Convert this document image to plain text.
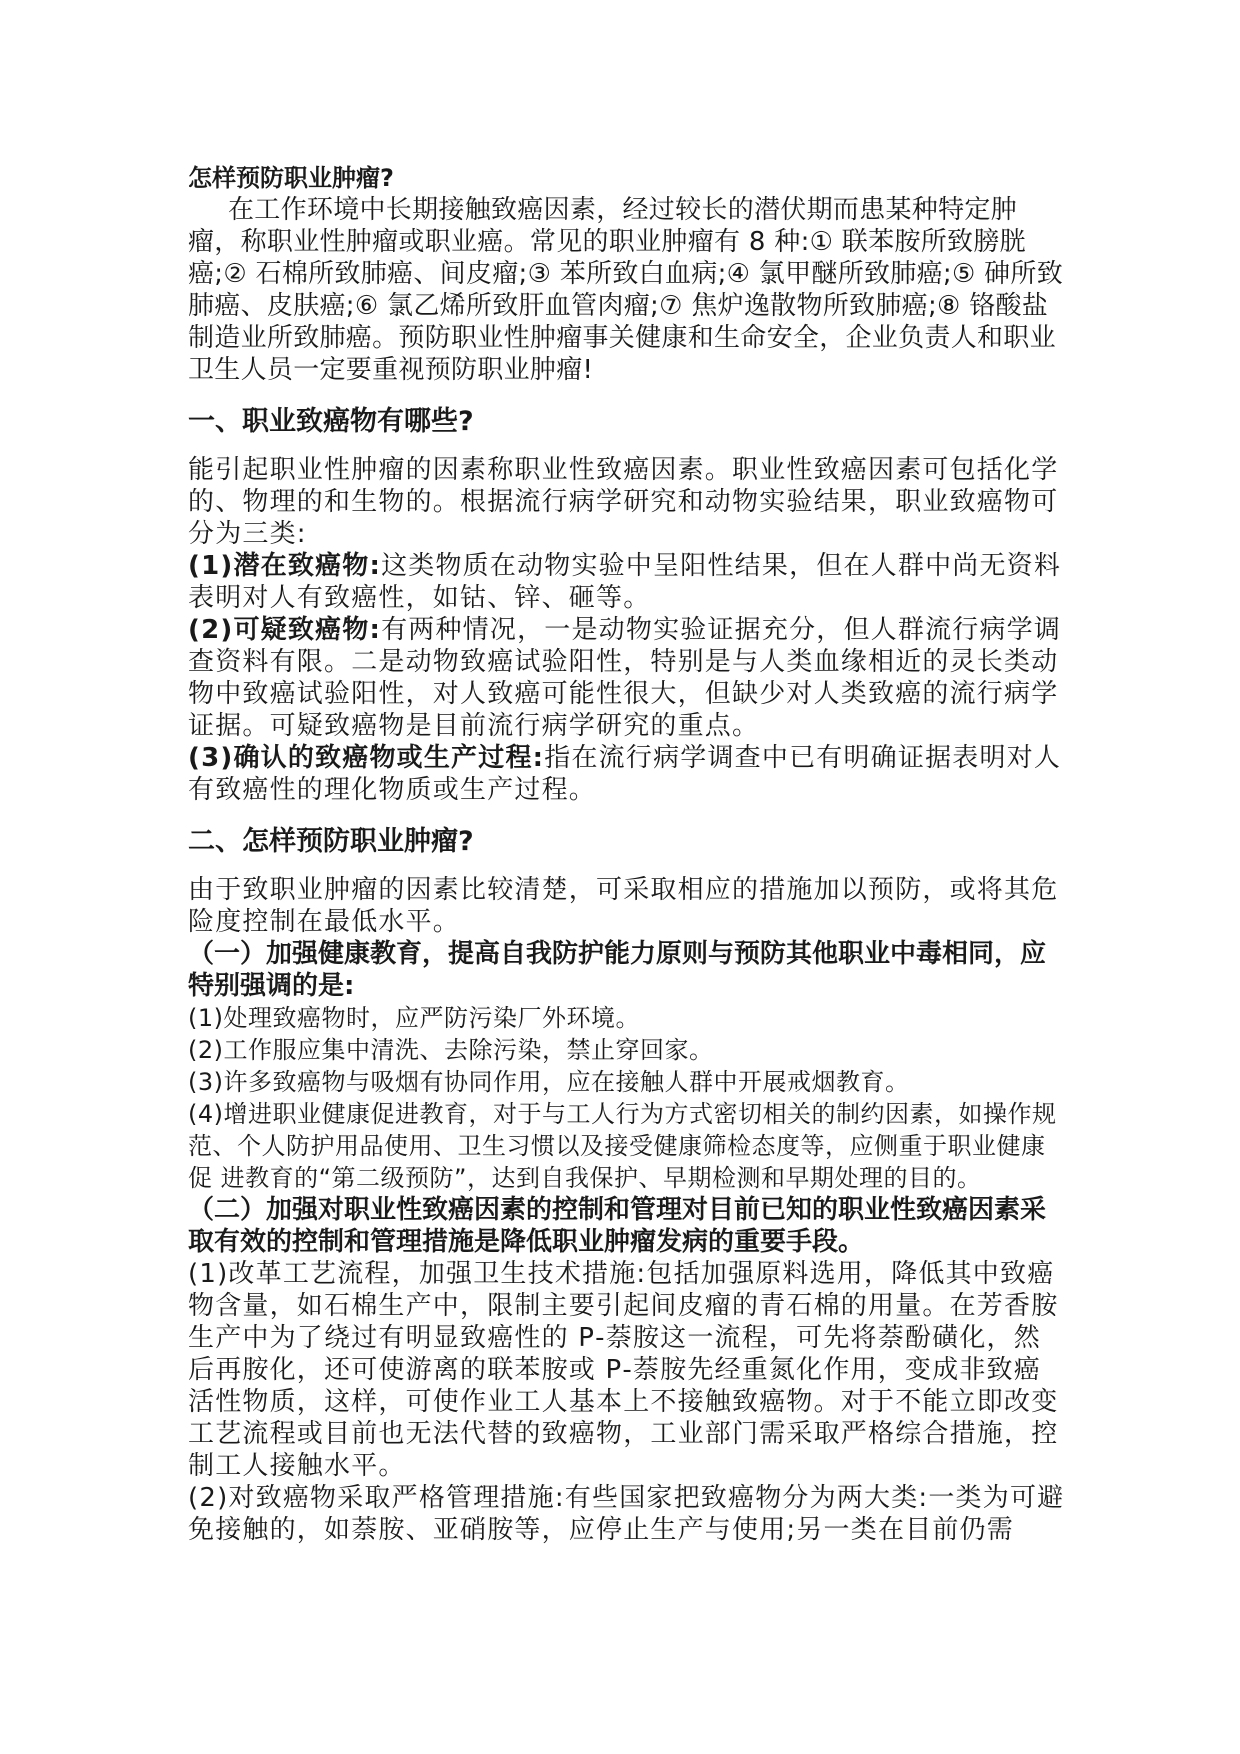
怎样预防职业肿瘤?

在工作环境中长期接触致癌因素，经过较长的潜伏期而患某种特定肿瘤，称职业性肿瘤或职业癌。常见的职业肿瘤有 8 种:① 联苯胺所致膀胱癌;② 石棉所致肺癌、间皮瘤;③ 苯所致白血病;④ 氯甲醚所致肺癌;⑤ 砷所致肺癌、皮肤癌;⑥ 氯乙烯所致肝血管肉瘤;⑦ 焦炉逸散物所致肺癌;⑧ 铬酸盐制造业所致肺癌。预防职业性肿瘤事关健康和生命安全，企业负责人和职业卫生人员一定要重视预防职业肿瘤!

一、职业致癌物有哪些?

能引起职业性肿瘤的因素称职业性致癌因素。职业性致癌因素可包括化学的、物理的和生物的。根据流行病学研究和动物实验结果，职业致癌物可分为三类:

(1)潜在致癌物:这类物质在动物实验中呈阳性结果，但在人群中尚无资料表明对人有致癌性，如钴、锌、砸等。

(2)可疑致癌物:有两种情况，一是动物实验证据充分，但人群流行病学调查资料有限。二是动物致癌试验阳性，特别是与人类血缘相近的灵长类动物中致癌试验阳性，对人致癌可能性很大，但缺少对人类致癌的流行病学证据。可疑致癌物是目前流行病学研究的重点。

(3)确认的致癌物或生产过程:指在流行病学调查中已有明确证据表明对人有致癌性的理化物质或生产过程。

二、怎样预防职业肿瘤?

由于致职业肿瘤的因素比较清楚，可采取相应的措施加以预防，或将其危险度控制在最低水平。

（一）加强健康教育，提高自我防护能力原则与预防其他职业中毒相同，应特别强调的是:

(1)处理致癌物时，应严防污染厂外环境。

(2)工作服应集中清洗、去除污染，禁止穿回家。

(3)许多致癌物与吸烟有协同作用，应在接触人群中开展戒烟教育。

(4)增进职业健康促进教育，对于与工人行为方式密切相关的制约因素，如操作规范、个人防护用品使用、卫生习惯以及接受健康筛检态度等，应侧重于职业健康促 进教育的“第二级预防”，达到自我保护、早期检测和早期处理的目的。

（二）加强对职业性致癌因素的控制和管理对目前已知的职业性致癌因素采取有效的控制和管理措施是降低职业肿瘤发病的重要手段。

(1)改革工艺流程，加强卫生技术措施:包括加强原料选用，降低其中致癌物含量，如石棉生产中，限制主要引起间皮瘤的青石棉的用量。在芳香胺生产中为了绕过有明显致癌性的 Ρ-萘胺这一流程，可先将萘酚磺化，然后再胺化，还可使游离的联苯胺或 Ρ-萘胺先经重氮化作用，变成非致癌活性物质，这样，可使作业工人基本上不接触致癌物。对于不能立即改变工艺流程或目前也无法代替的致癌物，工业部门需采取严格综合措施，控制工人接触水平。

(2)对致癌物采取严格管理措施:有些国家把致癌物分为两大类:一类为可避免接触的，如萘胺、亚硝胺等，应停止生产与使用;另一类在目前仍需
